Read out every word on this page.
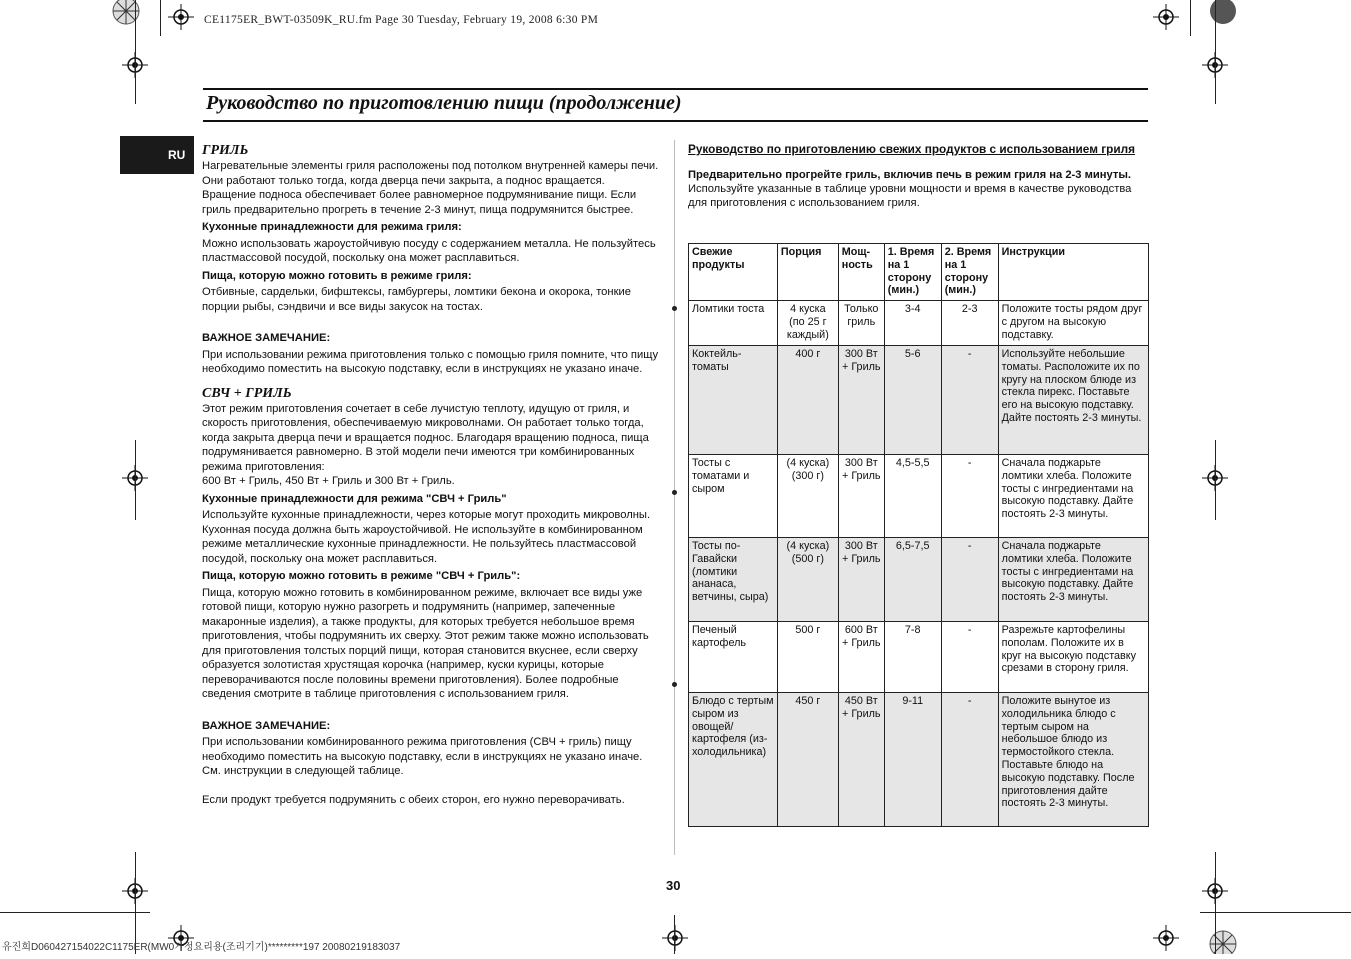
CE1175ER_BWT-03509K_RU.fm Page 30 Tuesday, February 19, 2008 6:30 PM
Руководство по приготовлению пищи (продолжение)
RU ГРИЛЬ

Нагревательные элементы гриля расположены под потолком внутренней камеры печи. Они работают только тогда, когда дверца печи закрыта, а поднос вращается. Вращение подноса обеспечивает более равномерное подрумянивание пищи. Если гриль предварительно прогреть в течение 2-3 минут, пища подрумянится быстрее.

Кухонные принадлежности для режима гриля:

Можно использовать жароустойчивую посуду с содержанием металла. Не пользуйтесь пластмассовой посудой, поскольку она может расплавиться.

Пища, которую можно готовить в режиме гриля:

Отбивные, сардельки, бифштексы, гамбургеры, ломтики бекона и окорока, тонкие порции рыбы, сэндвичи и все виды закусок на тостах.

ВАЖНОЕ ЗАМЕЧАНИЕ:

При использовании режима приготовления только с помощью гриля помните, что пищу необходимо поместить на высокую подставку, если в инструкциях не указано иначе.

СВЧ + ГРИЛЬ

Этот режим приготовления сочетает в себе лучистую теплоту, идущую от гриля, и скорость приготовления, обеспечиваемую микроволнами. Он работает только тогда, когда закрыта дверца печи и вращается поднос. Благодаря вращению подноса, пища подрумянивается равномерно. В этой модели печи имеются три комбинированных режима приготовления:

600 Вт + Гриль, 450 Вт + Гриль и 300 Вт + Гриль.

Кухонные принадлежности для режима "СВЧ + Гриль"

Используйте кухонные принадлежности, через которые могут проходить микроволны. Кухонная посуда должна быть жароустойчивой. Не используйте в комбинированном режиме металлические кухонные принадлежности. Не пользуйтесь пластмассовой посудой, поскольку она может расплавиться.

Пища, которую можно готовить в режиме "СВЧ + Гриль":

Пища, которую можно готовить в комбинированном режиме, включает все виды уже готовой пищи, которую нужно разогреть и подрумянить (например, запеченные макаронные изделия), а также продукты, для которых требуется небольшое время приготовления, чтобы подрумянить их сверху. Этот режим также можно использовать для приготовления толстых порций пищи, которая становится вкуснее, если сверху образуется золотистая хрустящая корочка (например, куски курицы, которые переворачиваются после половины времени приготовления). Более подробные сведения смотрите в таблице приготовления с использованием гриля.

ВАЖНОЕ ЗАМЕЧАНИЕ:

При использовании комбинированного режима приготовления (СВЧ + гриль) пищу необходимо поместить на высокую подставку, если в инструкциях не указано иначе. См. инструкции в следующей таблице.

Если продукт требуется подрумянить с обеих сторон, его нужно переворачивать.

Руководство по приготовлению свежих продуктов с использованием гриля

Предварительно прогрейте гриль, включив печь в режим гриля на 2-3 минуты.

Используйте указанные в таблице уровни мощности и время в качестве руководства для приготовления с использованием гриля.

Свежие продукты	Порция	Мощ-ность	1. Время на 1 сторону (мин.)	2. Время на 1 сторону (мин.)	Инструкции
Ломтики тоста	4 куска (по 25 г каждый)	Только гриль	3-4	2-3	Положите тосты рядом друг с другом на высокую подставку.
Коктейль-томаты	400 г	300 Вт + Гриль	5-6	-	Используйте небольшие томаты. Расположите их по кругу на плоском блюде из стекла пирекс. Поставьте его на высокую подставку. Дайте постоять 2-3 минуты.
Тосты с томатами и сыром	(4 куска) (300 г)	300 Вт + Гриль	4,5-5,5	-	Сначала поджарьте ломтики хлеба. Положите тосты с ингредиентами на высокую подставку. Дайте постоять 2-3 минуты.
Тосты по-Гавайски (ломтики ананаса, ветчины, сыра)	(4 куска) (500 г)	300 Вт + Гриль	6,5-7,5	-	Сначала поджарьте ломтики хлеба. Положите тосты с ингредиентами на высокую подставку. Дайте постоять 2-3 минуты.
Печеный картофель	500 г	600 Вт + Гриль	7-8	-	Разрежьте картофелины пополам. Положите их в круг на высокую подставку срезами в сторону гриля.
Блюдо с тертым сыром из овощей/картофеля (из-холодильника)	450 г	450 Вт + Гриль	9-11	-	Положите вынутое из холодильника блюдо с тертым сыром на небольшое блюдо из термостойкого стекла. Поставьте блюдо на высокую подставку. После приготовления дайте постоять 2-3 минуты.
30
유진희D060427154022C1175ER(MW0가정요리용(조리기기)*********197 20080219183037
